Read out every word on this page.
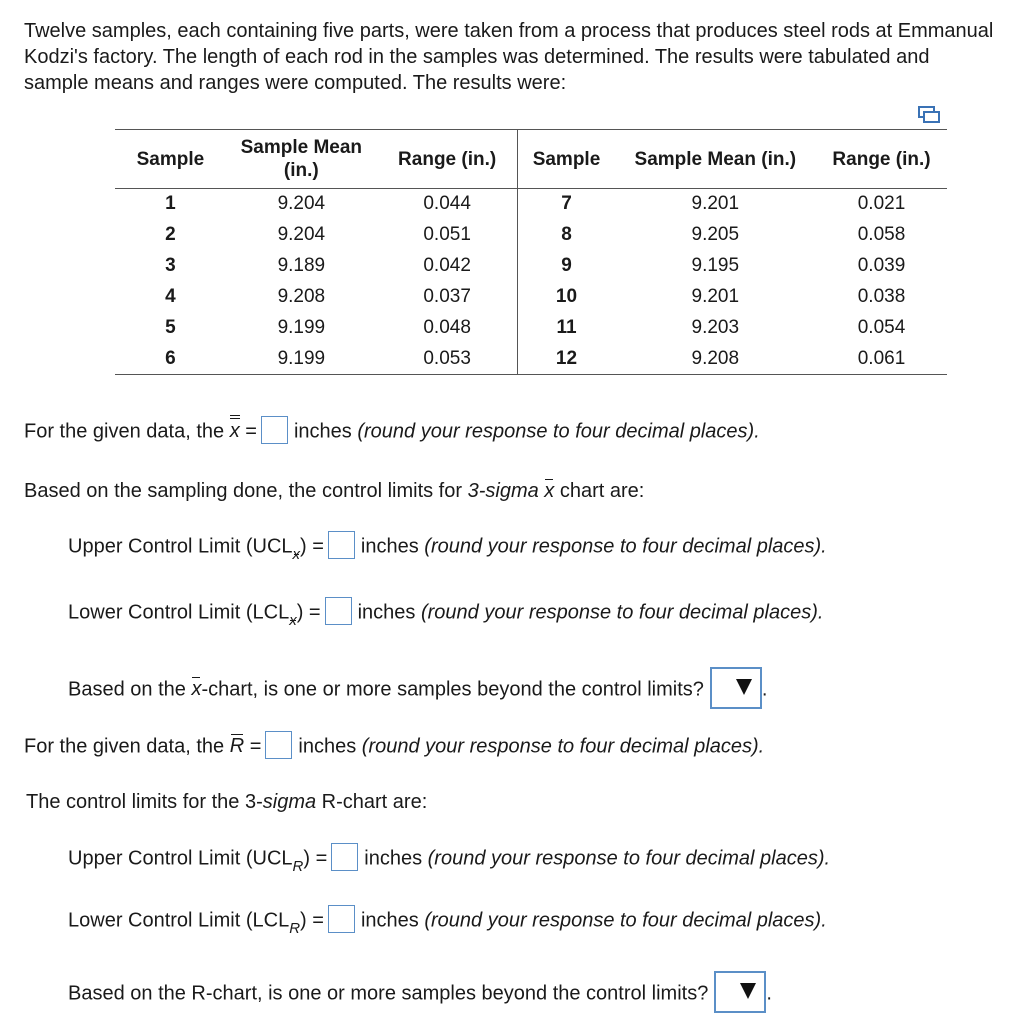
Twelve samples, each containing five parts, were taken from a process that produces steel rods at Emmanual Kodzi's factory. The length of each rod in the samples was determined. The results were tabulated and sample means and ranges were computed. The results were:
Sample	Sample Mean (in.)	Range (in.)	Sample	Sample Mean (in.)	Range (in.)
1	9.204	0.044	7	9.201	0.021
2	9.204	0.051	8	9.205	0.058
3	9.189	0.042	9	9.195	0.039
4	9.208	0.037	10	9.201	0.038
5	9.199	0.048	11	9.203	0.054
6	9.199	0.053	12	9.208	0.061
For the given data, the x = inches (round your response to four decimal places).
Based on the sampling done, the control limits for 3-sigma x chart are:
Upper Control Limit $(UCL_x)$ = inches (round your response to four decimal places).
Lower Control Limit $(LCL_x)$ = inches (round your response to four decimal places).
Based on the x-chart, is one or more samples beyond the control limits?	.
For the given data, the R = inches (round your response to four decimal places).
The control limits for the 3-sigma R-chart are:
Upper Control Limit $(UCL_R)$ = inches (round your response to four decimal places).
Lower Control Limit $(LCL_R)$ = inches (round your response to four decimal places).
Based on the R-chart, is one or more samples beyond the control limits?	.
